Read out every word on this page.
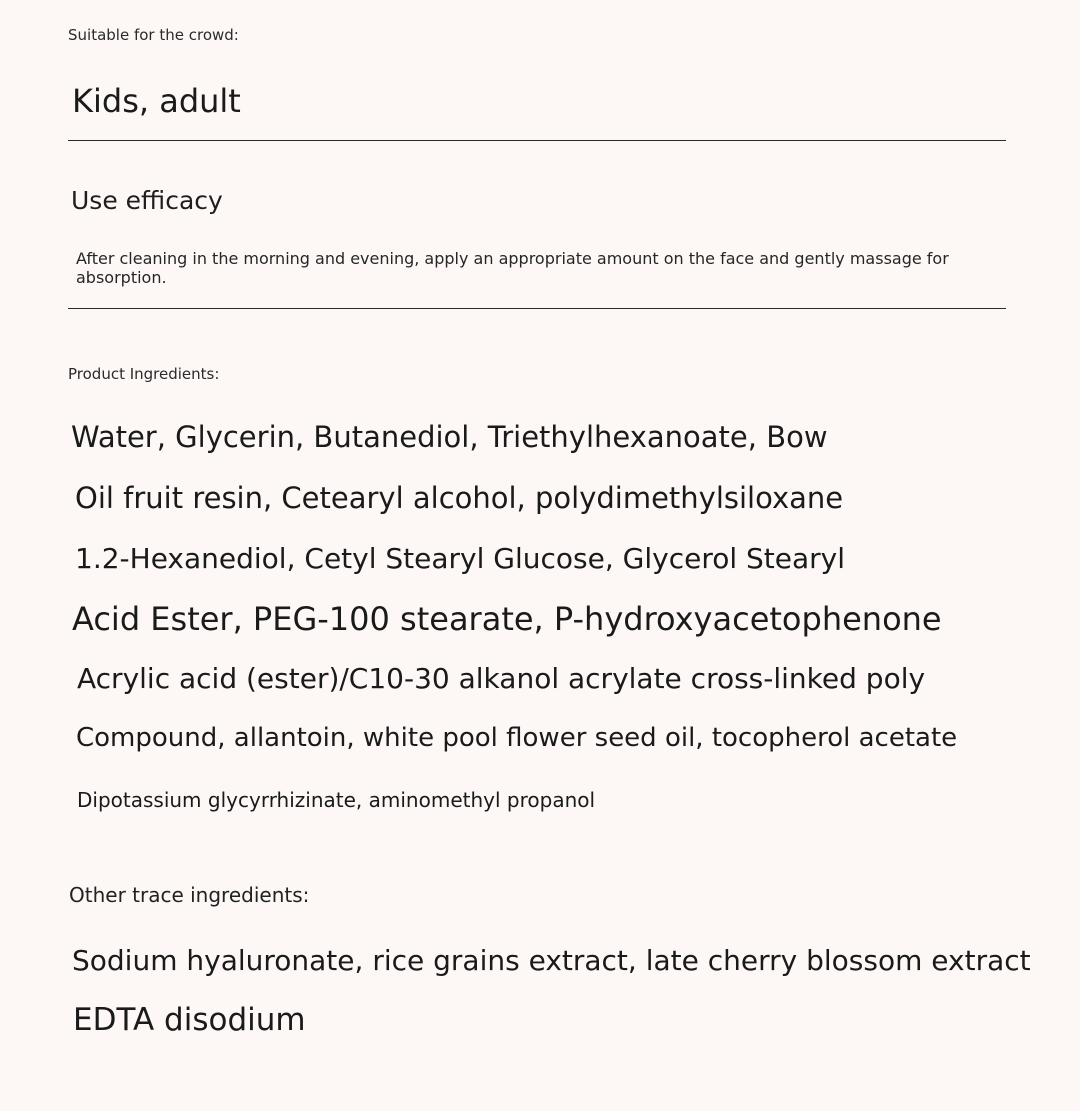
Suitable for the crowd:
Kids, adult
Use efficacy
After cleaning in the morning and evening, apply an appropriate amount on the face and gently massage for absorption.
Product Ingredients:
Water, Glycerin, Butanediol, Triethylhexanoate, Bow
Oil fruit resin, Cetearyl alcohol, polydimethylsiloxane
1.2-Hexanediol, Cetyl Stearyl Glucose, Glycerol Stearyl
Acid Ester, PEG-100 stearate, P-hydroxyacetophenone
Acrylic acid (ester)/C10-30 alkanol acrylate cross-linked poly
Compound, allantoin, white pool flower seed oil, tocopherol acetate
Dipotassium glycyrrhizinate, aminomethyl propanol
Other trace ingredients:
Sodium hyaluronate, rice grains extract, late cherry blossom extract
EDTA disodium
